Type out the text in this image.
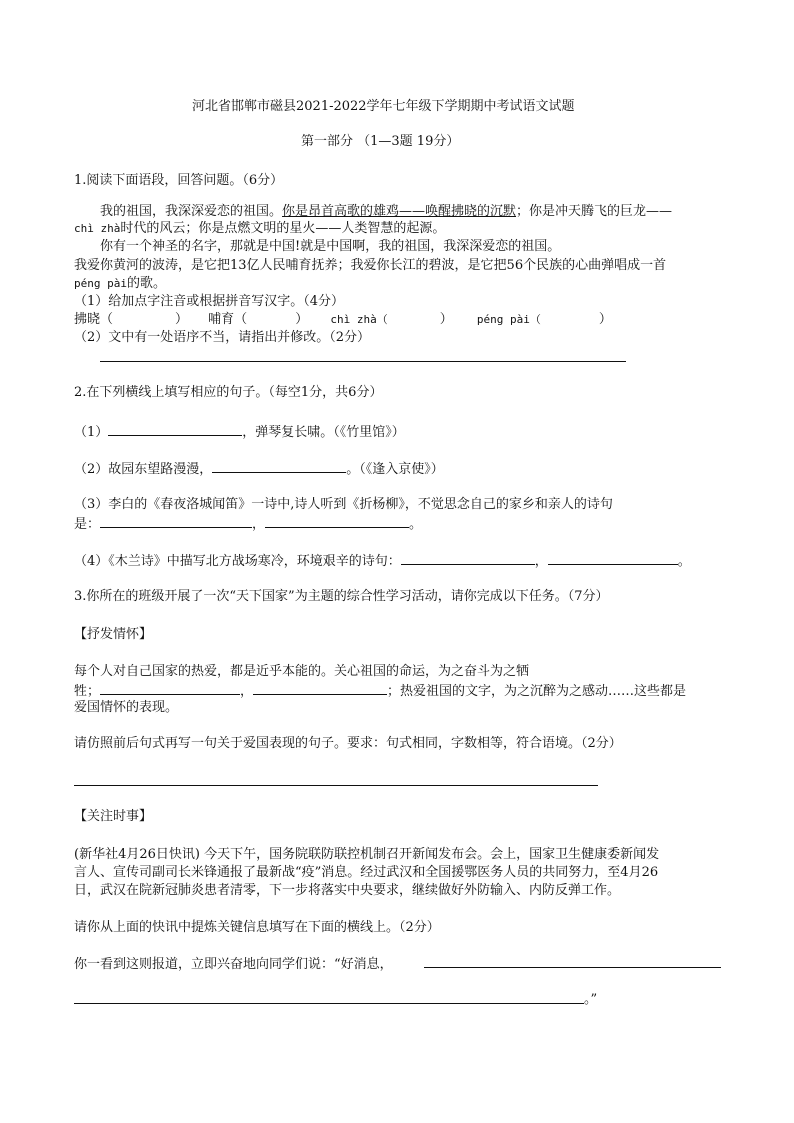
河北省邯郸市磁县2021-2022学年七年级下学期期中考试语文试题
第一部分 （1—3题 19分）
1.阅读下面语段，回答问题。（6分）
我的祖国，我深深爱恋的祖国。你是昂首高歌的雄鸡——唤醒拂晓的沉默；你是冲天腾飞的巨龙——
chì zhà时代的风云；你是点燃文明的星火——人类智慧的起源。
你有一个神圣的名字，那就是中国!就是中国啊，我的祖国，我深深爱恋的祖国。
我爱你黄河的波涛，是它把13亿人民哺育抚养；我爱你长江的碧波，是它把56个民族的心曲弹唱成一首
péng pài的歌。
（1）给加点字注音或根据拼音写汉字。（4分）
拂晓（	） 哺育（	） chì zhà（	） péng pài（	）
（2）文中有一处语序不当，请指出并修改。（2分）
2.在下列横线上填写相应的句子。（每空1分，共6分）
（1）	，弹琴复长啸。（《竹里馆》）
（2）故园东望路漫漫，	。（《逢入京使》）
（3）李白的《春夜洛城闻笛》一诗中,诗人听到《折杨柳》，不觉思念自己的家乡和亲人的诗句
是：	，	。
（4）《木兰诗》中描写北方战场寒冷，环境艰辛的诗句：	，	。
3.你所在的班级开展了一次“天下国家”为主题的综合性学习活动，请你完成以下任务。（7分）
【抒发情怀】
每个人对自己国家的热爱，都是近乎本能的。关心祖国的命运，为之奋斗为之牺
牲；	，	；热爱祖国的文字，为之沉醉为之感动……这些都是
爱国情怀的表现。
请仿照前后句式再写一句关于爱国表现的句子。要求：句式相同，字数相等，符合语境。（2分）
【关注时事】
(新华社4月26日快讯) 今天下午，国务院联防联控机制召开新闻发布会。会上，国家卫生健康委新闻发
言人、宣传司副司长米锋通报了最新战“疫”消息。经过武汉和全国援鄂医务人员的共同努力，至4月26
日，武汉在院新冠肺炎患者清零，下一步将落实中央要求，继续做好外防输入、内防反弹工作。
请你从上面的快讯中提炼关键信息填写在下面的横线上。（2分）
你一看到这则报道，立即兴奋地向同学们说：“好消息，
。”
